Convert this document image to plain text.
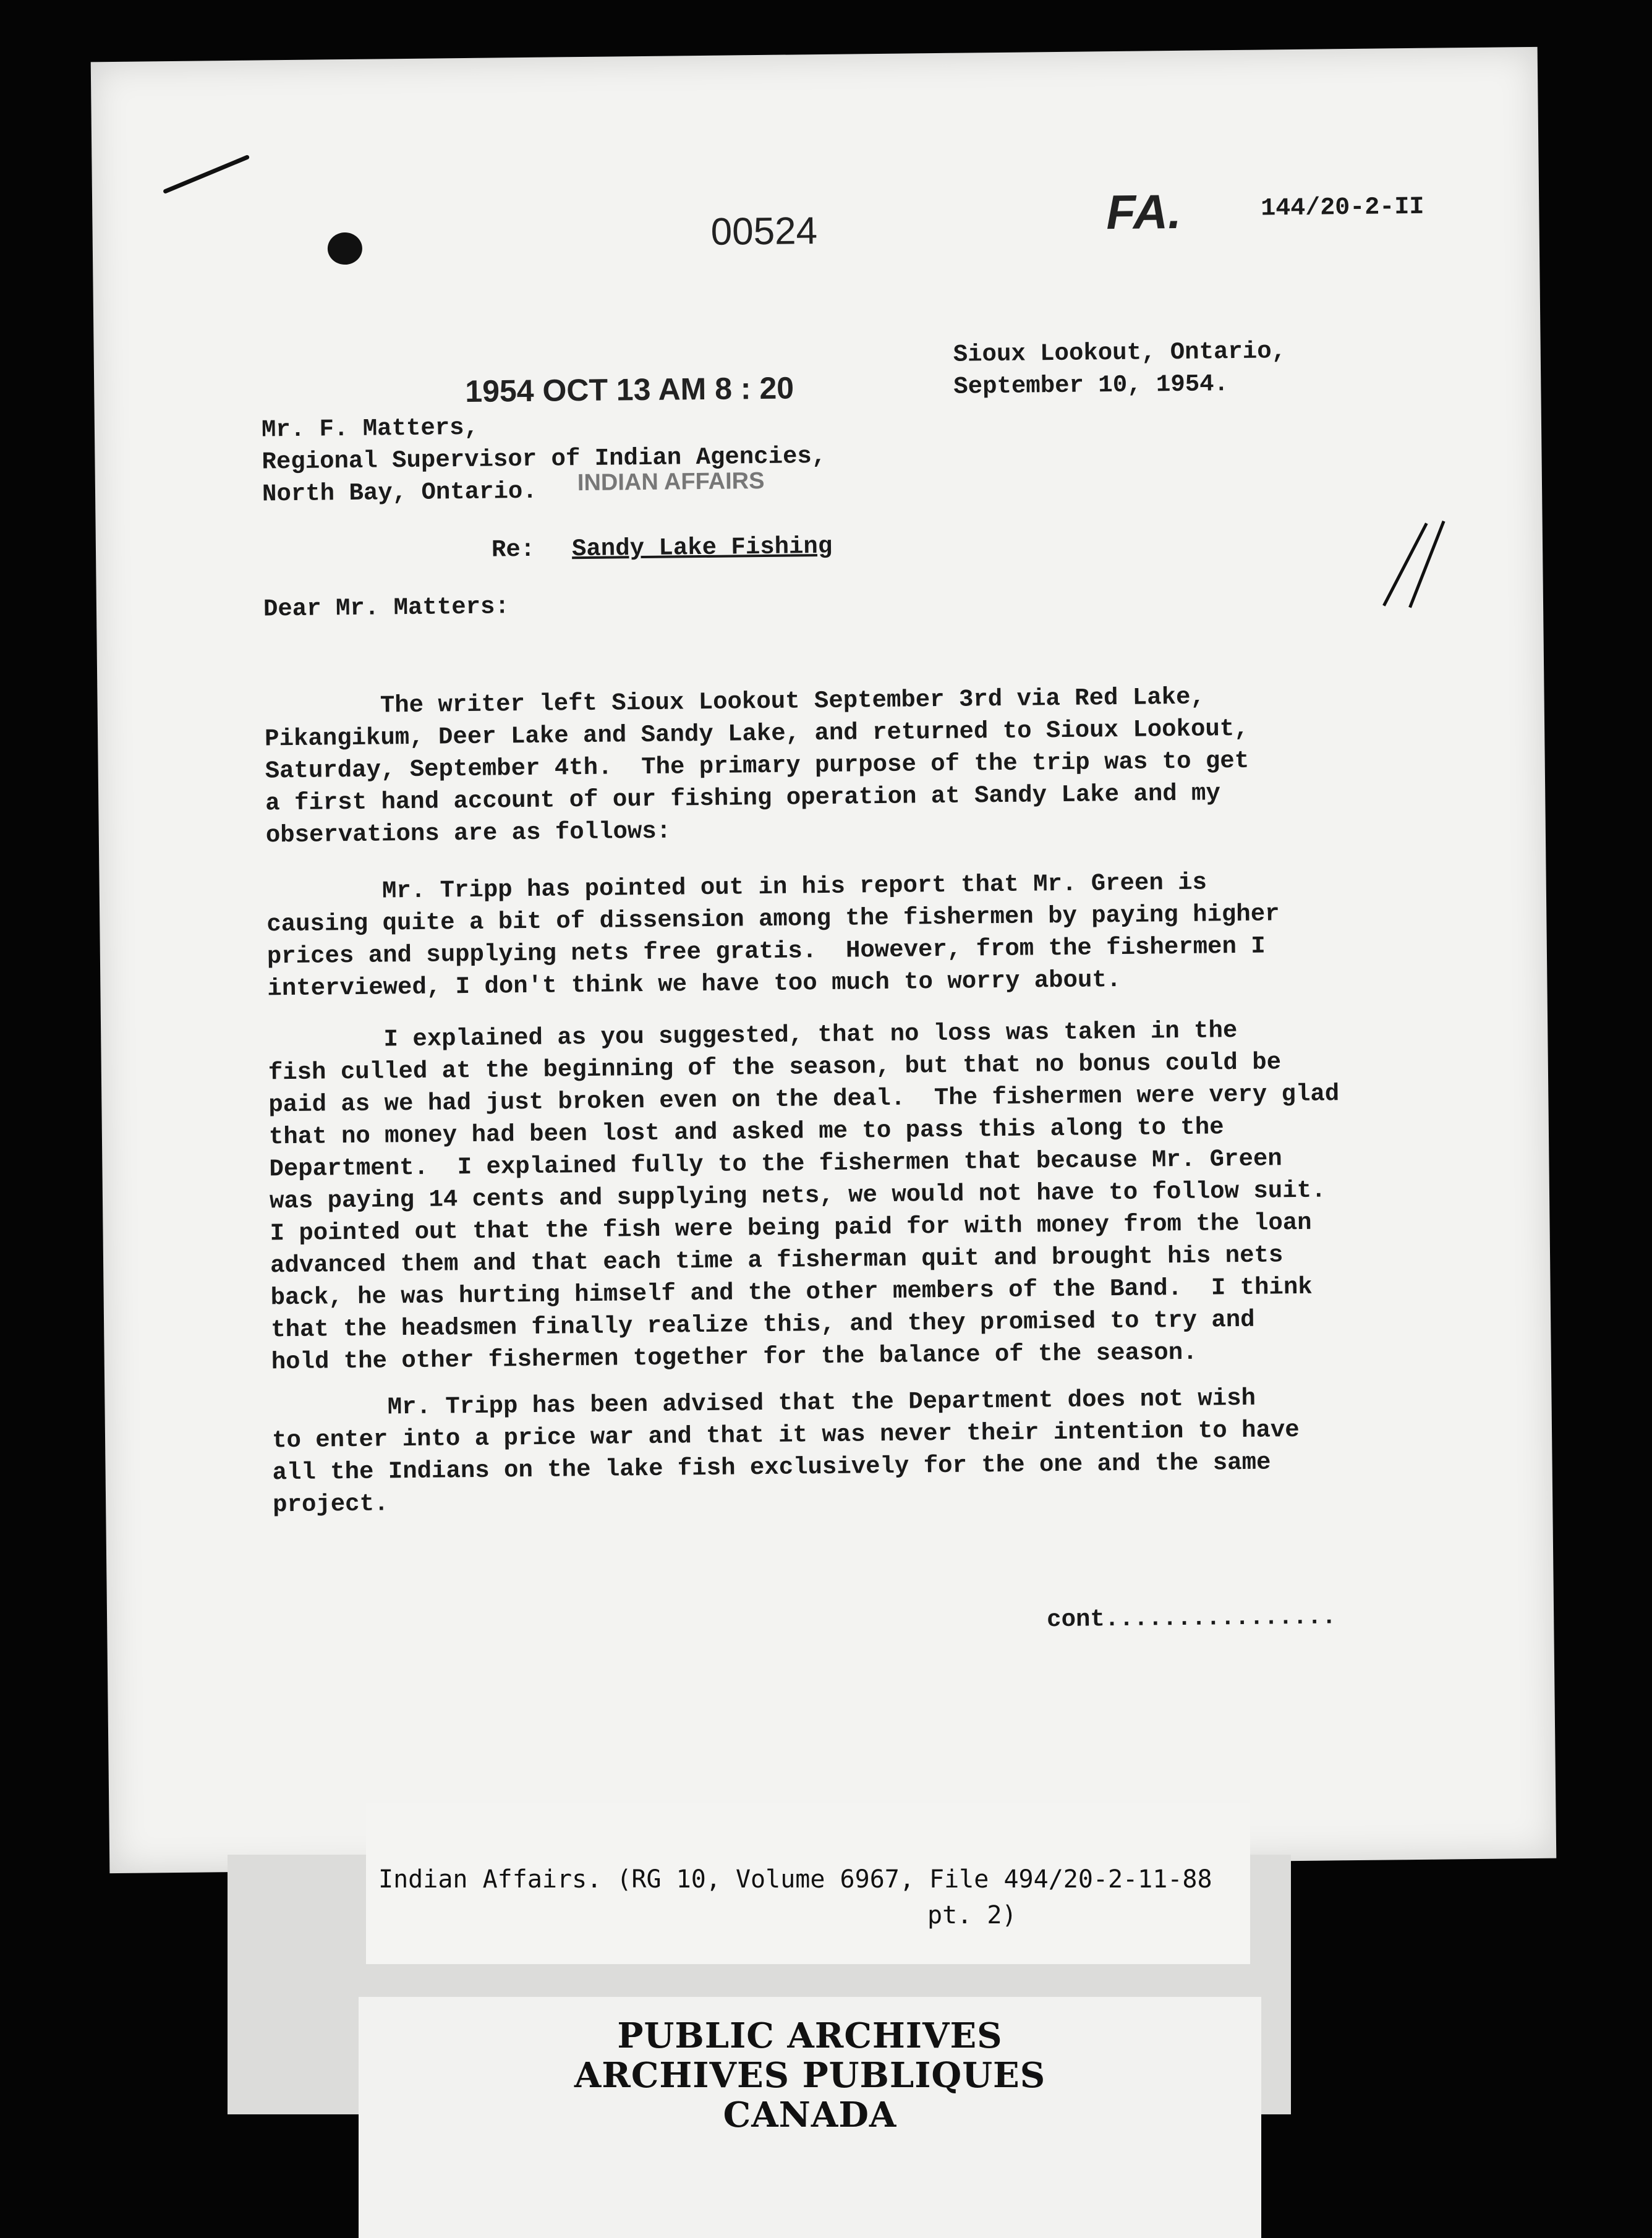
00524	FA.	144/20-2-II
1954 OCT 13 AM 8 : 20
INDIAN AFFAIRS
Sioux Lookout, Ontario,
September 10, 1954.
Mr. F. Matters,
Regional Supervisor of Indian Agencies,
North Bay, Ontario.
Re: Sandy Lake Fishing
Dear Mr. Matters:
The writer left Sioux Lookout September 3rd via Red Lake,
Pikangikum, Deer Lake and Sandy Lake, and returned to Sioux Lookout,
Saturday, September 4th.  The primary purpose of the trip was to get
a first hand account of our fishing operation at Sandy Lake and my
observations are as follows:
Mr. Tripp has pointed out in his report that Mr. Green is
causing quite a bit of dissension among the fishermen by paying higher
prices and supplying nets free gratis.  However, from the fishermen I
interviewed, I don't think we have too much to worry about.
I explained as you suggested, that no loss was taken in the
fish culled at the beginning of the season, but that no bonus could be
paid as we had just broken even on the deal.  The fishermen were very glad
that no money had been lost and asked me to pass this along to the
Department.  I explained fully to the fishermen that because Mr. Green
was paying 14 cents and supplying nets, we would not have to follow suit.
I pointed out that the fish were being paid for with money from the loan
advanced them and that each time a fisherman quit and brought his nets
back, he was hurting himself and the other members of the Band.  I think
that the headsmen finally realize this, and they promised to try and
hold the other fishermen together for the balance of the season.
Mr. Tripp has been advised that the Department does not wish
to enter into a price war and that it was never their intention to have
all the Indians on the lake fish exclusively for the one and the same
project.
cont................
Indian Affairs. (RG 10, Volume 6967, File 494/20-2-11-88
pt. 2)
PUBLIC ARCHIVES
ARCHIVES PUBLIQUES
CANADA
